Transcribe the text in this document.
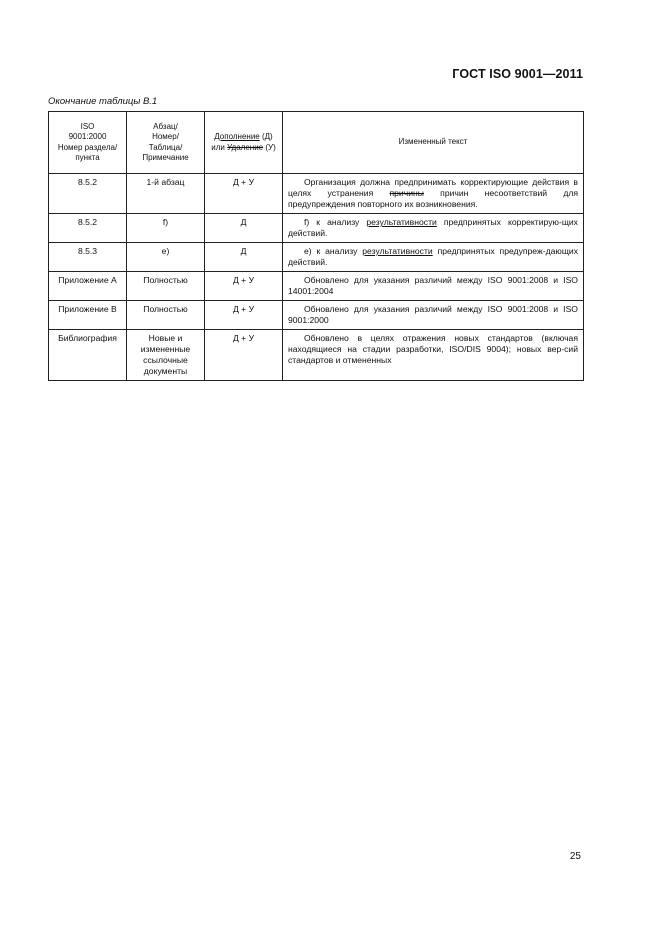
ГОСТ ISO 9001—2011
Окончание таблицы В.1
ISO
9001:2000
Номер раздела/
пункта	Абзац/
Номер/
Таблица/
Примечание	Дополнение (Д)
или Удаление (У)	Измененный текст
8.5.2	1-й абзац	Д + У	Организация должна предпринимать корректирующие действия в целях устранения причины причин несоответствий для предупреждения повторного их возникновения.
8.5.2	f)	Д	f) к анализу результативности предпринятых корректирую-щих действий.
8.5.3	e)	Д	e) к анализу результативности предпринятых предупреж-дающих действий.
Приложение А	Полностью	Д + У	Обновлено для указания различий между ISO 9001:2008 и ISO 14001:2004
Приложение В	Полностью	Д + У	Обновлено для указания различий между ISO 9001:2008 и ISO 9001:2000
Библиография	Новые и
измененные
ссылочные
документы	Д + У	Обновлено в целях отражения новых стандартов (включая находящиеся на стадии разработки, ISO/DIS 9004); новых вер-сий стандартов и отмененных
25
